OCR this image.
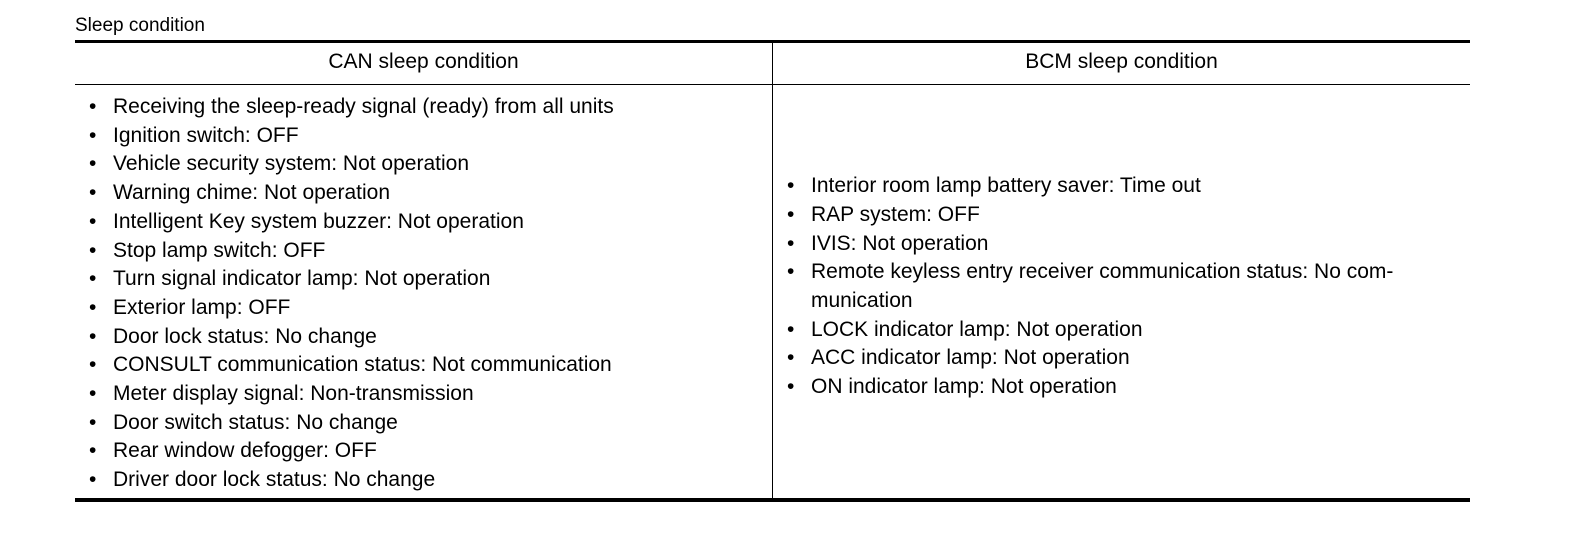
Sleep condition
CAN sleep condition	BCM sleep condition
• Receiving the sleep-ready signal (ready) from all units
• Ignition switch: OFF
• Vehicle security system: Not operation
• Warning chime: Not operation
• Intelligent Key system buzzer: Not operation
• Stop lamp switch: OFF
• Turn signal indicator lamp: Not operation
• Exterior lamp: OFF
• Door lock status: No change
• CONSULT communication status: Not communication
• Meter display signal: Non-transmission
• Door switch status: No change
• Rear window defogger: OFF
• Driver door lock status: No change
• Interior room lamp battery saver: Time out
• RAP system: OFF
• IVIS: Not operation
• Remote keyless entry receiver communication status: No com-munication
• LOCK indicator lamp: Not operation
• ACC indicator lamp: Not operation
• ON indicator lamp: Not operation
